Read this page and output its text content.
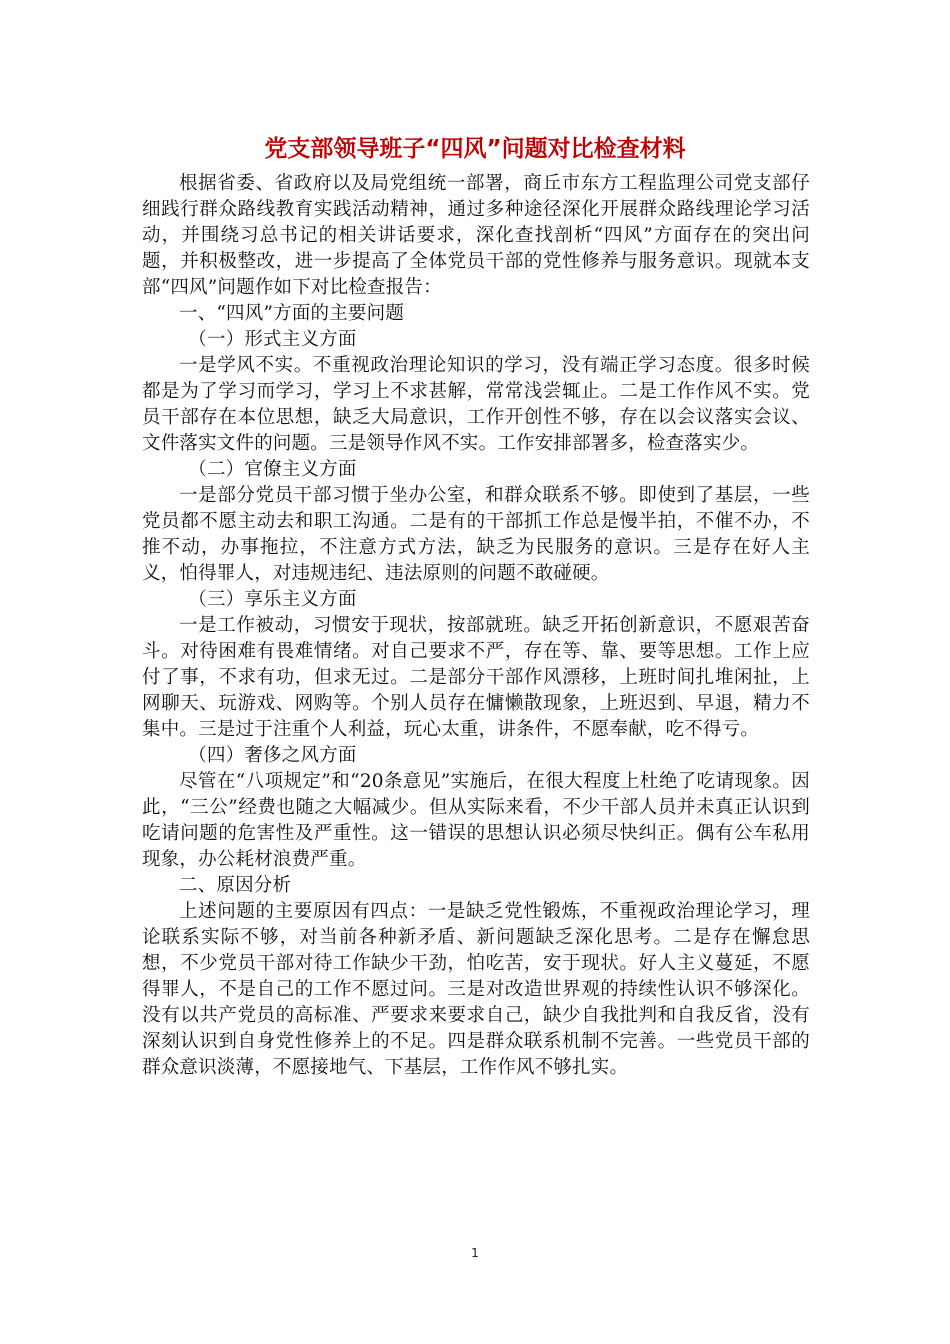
党支部领导班子“四风”问题对比检查材料

根据省委、省政府以及局党组统一部署，商丘市东方工程监理公司党支部仔细践行群众路线教育实践活动精神，通过多种途径深化开展群众路线理论学习活动，并围绕习总书记的相关讲话要求，深化查找剖析“四风”方面存在的突出问题，并积极整改，进一步提高了全体党员干部的党性修养与服务意识。现就本支部“四风”问题作如下对比检查报告：

一、“四风”方面的主要问题

（一）形式主义方面

一是学风不实。不重视政治理论知识的学习，没有端正学习态度。很多时候都是为了学习而学习，学习上不求甚解，常常浅尝辄止。二是工作作风不实。党员干部存在本位思想，缺乏大局意识，工作开创性不够，存在以会议落实会议、文件落实文件的问题。三是领导作风不实。工作安排部署多，检查落实少。

（二）官僚主义方面

一是部分党员干部习惯于坐办公室，和群众联系不够。即使到了基层，一些党员都不愿主动去和职工沟通。二是有的干部抓工作总是慢半拍，不催不办，不推不动，办事拖拉，不注意方式方法，缺乏为民服务的意识。三是存在好人主义，怕得罪人，对违规违纪、违法原则的问题不敢碰硬。

（三）享乐主义方面

一是工作被动，习惯安于现状，按部就班。缺乏开拓创新意识，不愿艰苦奋斗。对待困难有畏难情绪。对自己要求不严，存在等、靠、要等思想。工作上应付了事，不求有功，但求无过。二是部分干部作风漂移，上班时间扎堆闲扯，上网聊天、玩游戏、网购等。个别人员存在慵懒散现象，上班迟到、早退，精力不集中。三是过于注重个人利益，玩心太重，讲条件，不愿奉献，吃不得亏。

（四）奢侈之风方面

尽管在“八项规定”和“20条意见”实施后，在很大程度上杜绝了吃请现象。因此，“三公”经费也随之大幅减少。但从实际来看，不少干部人员并未真正认识到吃请问题的危害性及严重性。这一错误的思想认识必须尽快纠正。偶有公车私用现象，办公耗材浪费严重。

二、原因分析

上述问题的主要原因有四点：一是缺乏党性锻炼，不重视政治理论学习，理论联系实际不够，对当前各种新矛盾、新问题缺乏深化思考。二是存在懈怠思想，不少党员干部对待工作缺少干劲，怕吃苦，安于现状。好人主义蔓延，不愿得罪人，不是自己的工作不愿过问。三是对改造世界观的持续性认识不够深化。没有以共产党员的高标准、严要求来要求自己，缺少自我批判和自我反省，没有深刻认识到自身党性修养上的不足。四是群众联系机制不完善。一些党员干部的群众意识淡薄，不愿接地气、下基层，工作作风不够扎实。

1
